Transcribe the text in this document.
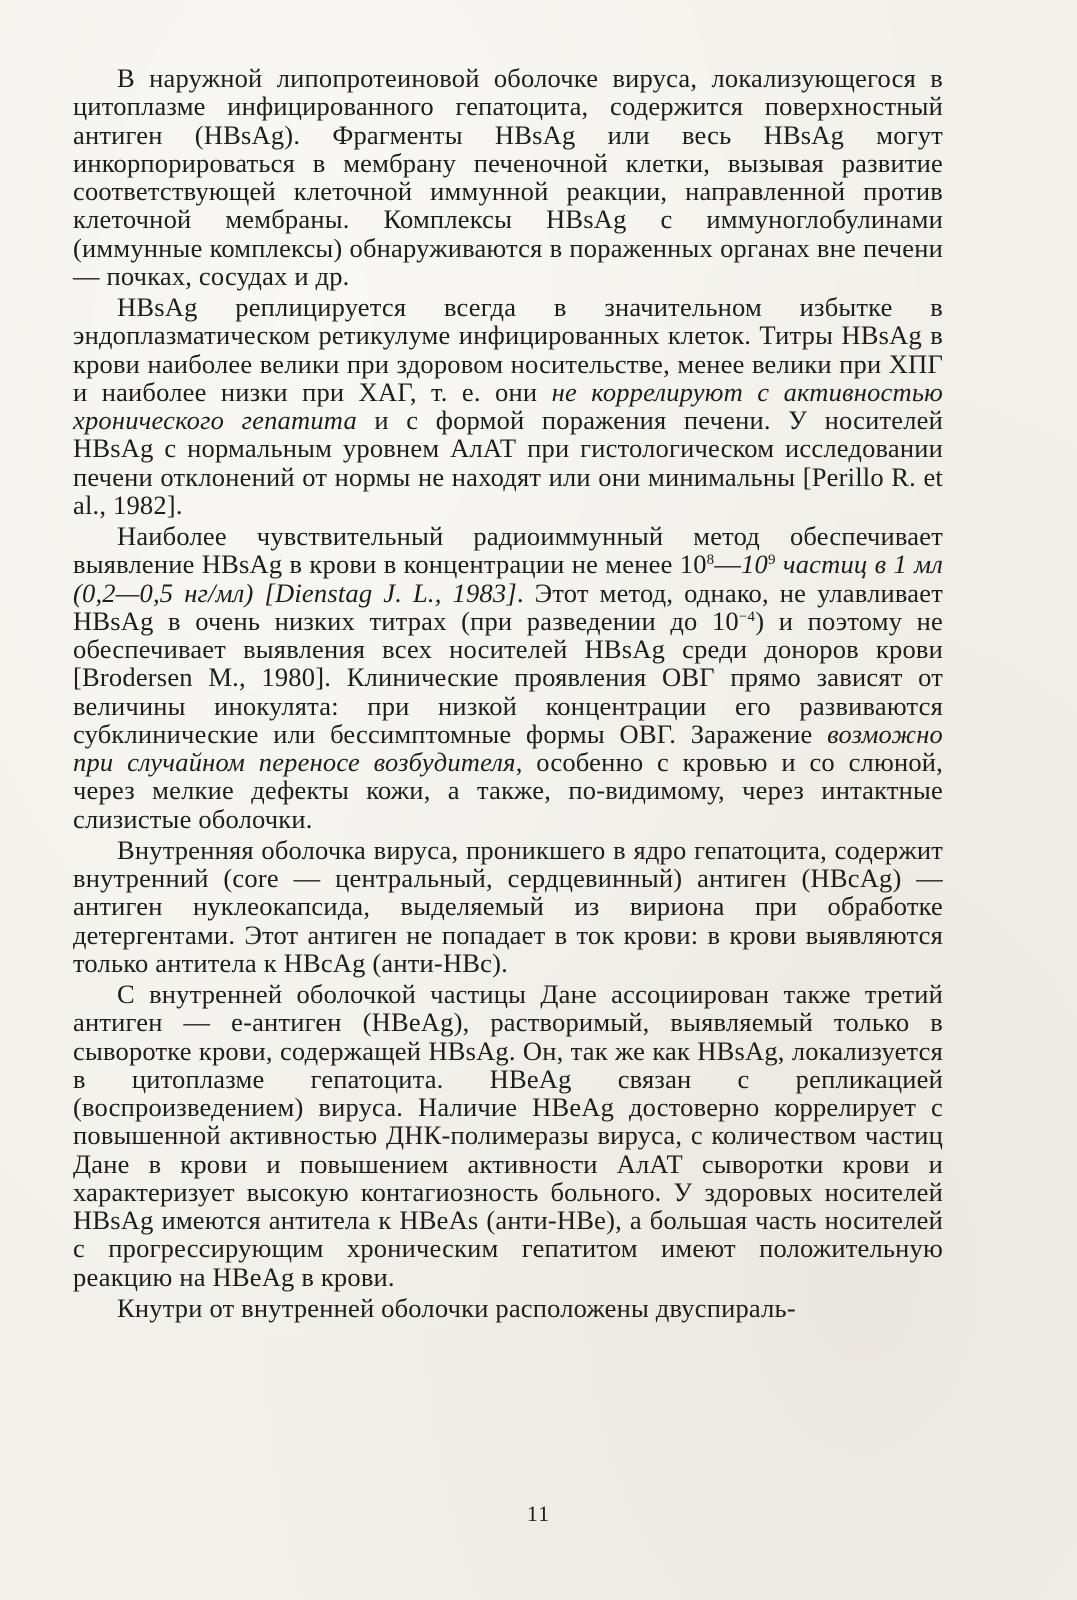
В наружной липопротеиновой оболочке вируса, локализующегося в цитоплазме инфицированного гепатоцита, содержится поверхностный антиген (HBsAg). Фрагменты HBsAg или весь HBsAg могут инкорпорироваться в мембрану печеночной клетки, вызывая развитие соответствующей клеточной иммунной реакции, направленной против клеточной мембраны. Комплексы HBsAg с иммуноглобулинами (иммунные комплексы) обнаруживаются в пораженных органах вне печени — почках, сосудах и др.

HBsAg реплицируется всегда в значительном избытке в эндоплазматическом ретикулуме инфицированных клеток. Титры HBsAg в крови наиболее велики при здоровом носительстве, менее велики при ХПГ и наиболее низки при ХАГ, т. е. они не коррелируют с активностью хронического гепатита и с формой поражения печени. У носителей HBsAg с нормальным уровнем АлАТ при гистологическом исследовании печени отклонений от нормы не находят или они минимальны [Perillo R. et al., 1982].

Наиболее чувствительный радиоиммунный метод обеспечивает выявление HBsAg в крови в концентрации не менее $10^8—10^9$ частиц в 1 мл (0,2—0,5 нг/мл) [Dienstag J. L., 1983]. Этот метод, однако, не улавливает HBsAg в очень низких титрах (при разведении до $10^{-4}$) и поэтому не обеспечивает выявления всех носителей HBsAg среди доноров крови [Brodersen M., 1980]. Клинические проявления ОВГ прямо зависят от величины инокулята: при низкой концентрации его развиваются субклинические или бессимптомные формы ОВГ. Заражение возможно при случайном переносе возбудителя, особенно с кровью и со слюной, через мелкие дефекты кожи, а также, по-видимому, через интактные слизистые оболочки.

Внутренняя оболочка вируса, проникшего в ядро гепатоцита, содержит внутренний (core — центральный, сердцевинный) антиген (HBcAg) — антиген нуклеокапсида, выделяемый из вириона при обработке детергентами. Этот антиген не попадает в ток крови: в крови выявляются только антитела к HBcAg (анти-HBc).

С внутренней оболочкой частицы Дане ассоциирован также третий антиген — е-антиген (HBeAg), растворимый, выявляемый только в сыворотке крови, содержащей HBsAg. Он, так же как HBsAg, локализуется в цитоплазме гепатоцита. HBeAg связан с репликацией (воспроизведением) вируса. Наличие HBeAg достоверно коррелирует с повышенной активностью ДНК-полимеразы вируса, с количеством частиц Дане в крови и повышением активности АлАТ сыворотки крови и характеризует высокую контагиозность больного. У здоровых носителей HBsAg имеются антитела к HBeAs (анти-HBe), а большая часть носителей с прогрессирующим хроническим гепатитом имеют положительную реакцию на HBeAg в крови.

Кнутри от внутренней оболочки расположены двуспираль-

11
